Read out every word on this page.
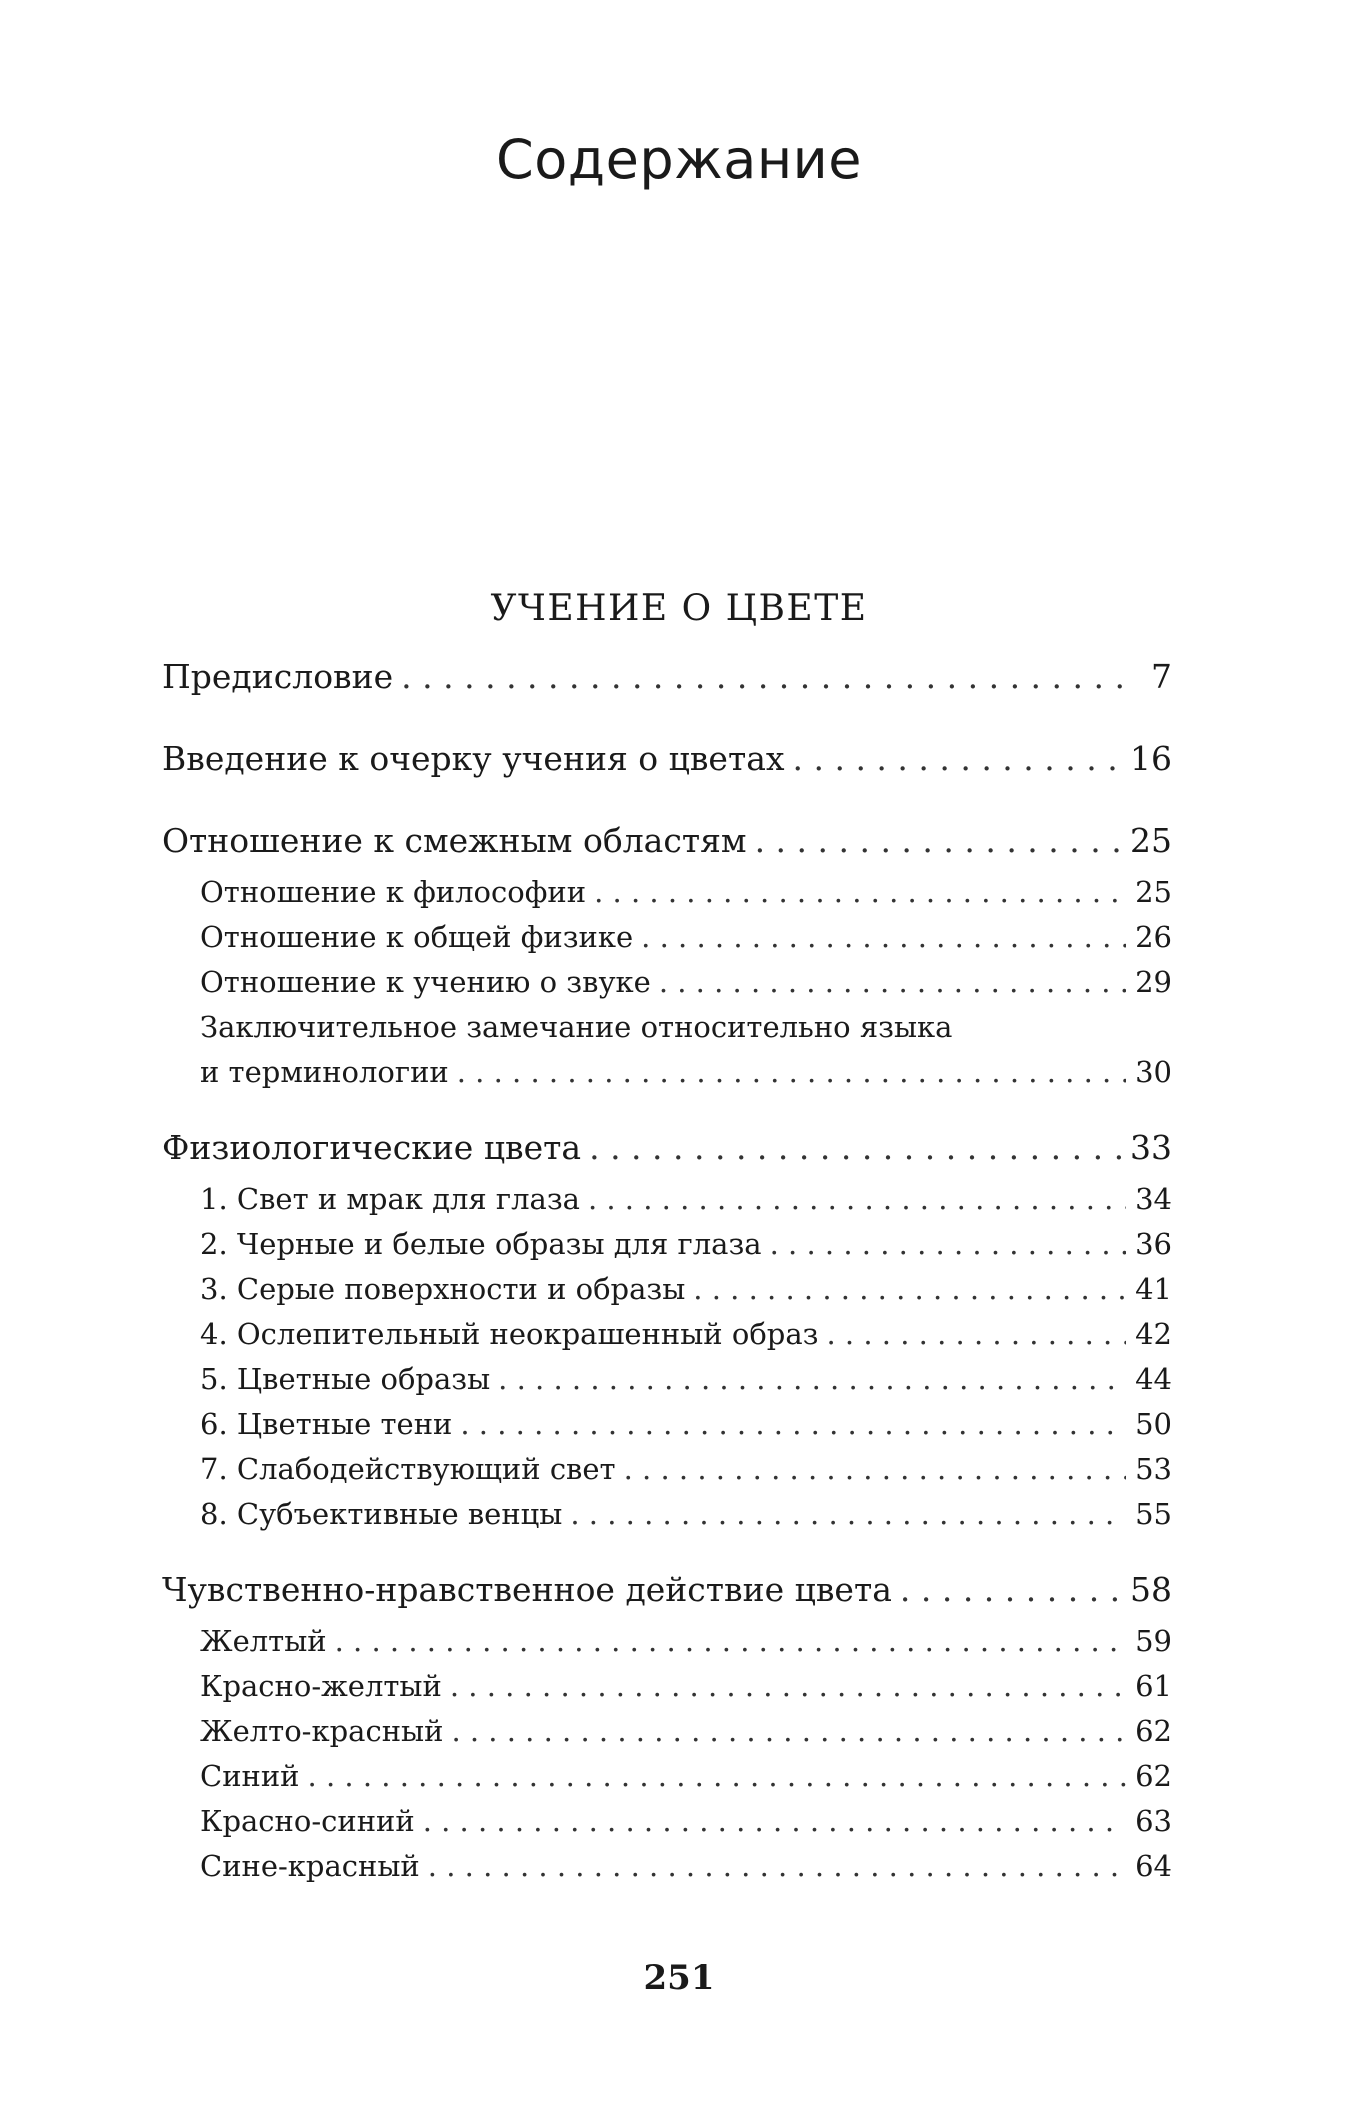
Содержание
УЧЕНИЕ О ЦВЕТЕ
Предисловие . . .	7
Введение к очерку учения о цветах . . .	16
Отношение к смежным областям . . .	25
Отношение к философии . . .	25
Отношение к общей физике . . .	26
Отношение к учению о звуке . . .	29
Заключительное замечание относительно языка
и терминологии . . .	30
Физиологические цвета . . .	33
1. Свет и мрак для глаза . . .	34
2. Черные и белые образы для глаза . . .	36
3. Серые поверхности и образы . . .	41
4. Ослепительный неокрашенный образ . . .	42
5. Цветные образы . . .	44
6. Цветные тени . . .	50
7. Слабодействующий свет . . .	53
8. Субъективные венцы . . .	55
Чувственно-нравственное действие цвета . . .	58
Желтый . . .	59
Красно-желтый . . .	61
Желто-красный . . .	62
Синий . . .	62
Красно-синий . . .	63
Сине-красный . . .	64
251
